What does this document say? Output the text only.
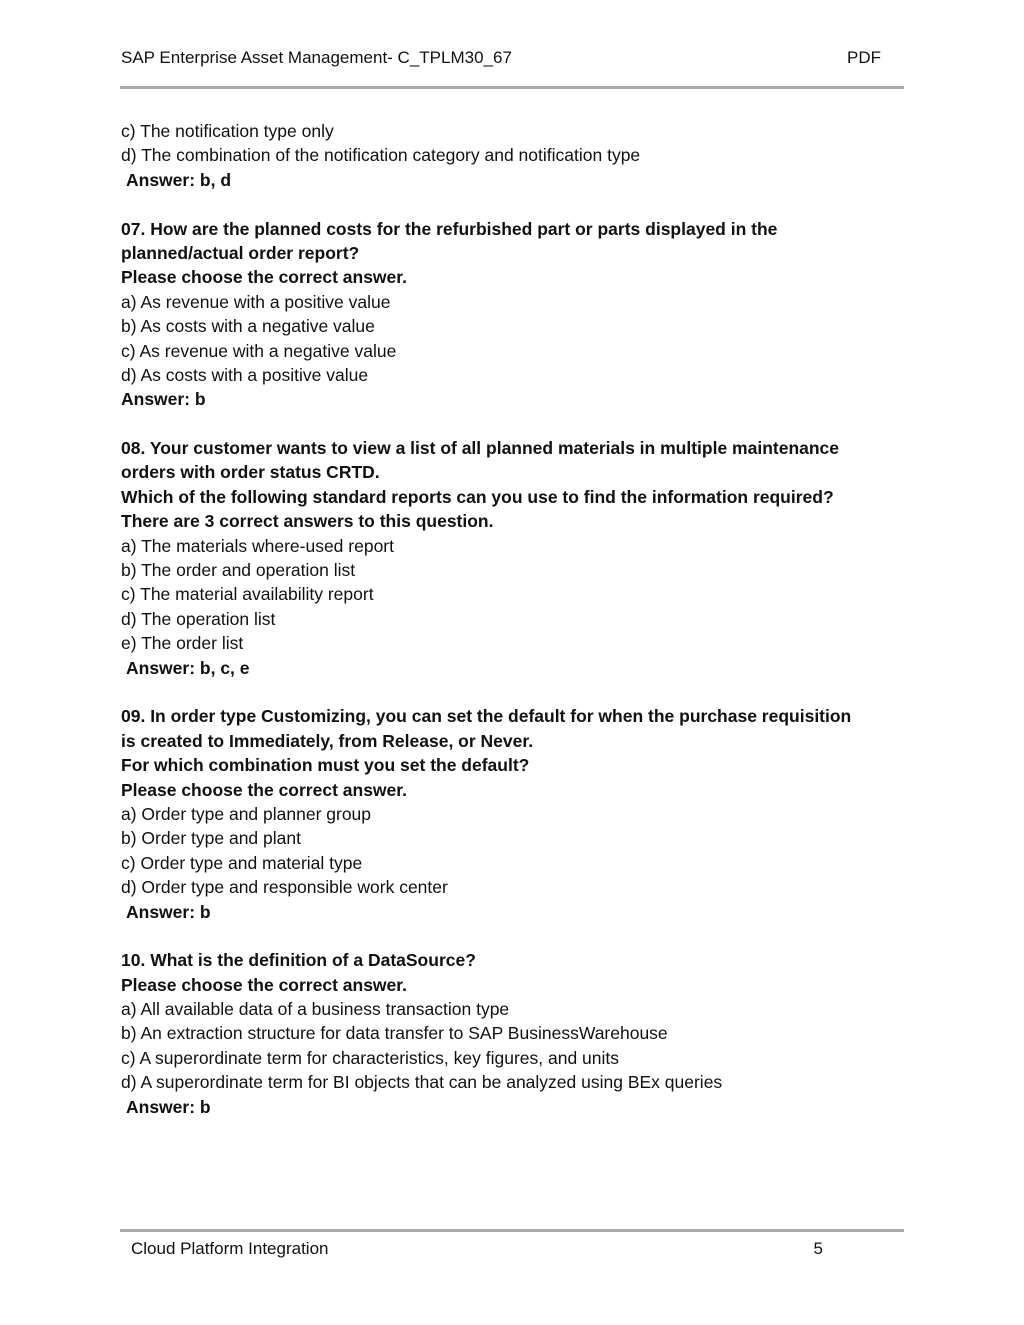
SAP Enterprise Asset Management- C_TPLM30_67	PDF
c) The notification type only
d) The combination of the notification category and notification type
Answer: b, d
07. How are the planned costs for the refurbished part or parts displayed in the
planned/actual order report?
Please choose the correct answer.
a) As revenue with a positive value
b) As costs with a negative value
c) As revenue with a negative value
d) As costs with a positive value
Answer: b
08. Your customer wants to view a list of all planned materials in multiple maintenance
orders with order status CRTD.
Which of the following standard reports can you use to find the information required?
There are 3 correct answers to this question.
a) The materials where-used report
b) The order and operation list
c) The material availability report
d) The operation list
e) The order list
Answer: b, c, e
09. In order type Customizing, you can set the default for when the purchase requisition
is created to Immediately, from Release, or Never.
For which combination must you set the default?
Please choose the correct answer.
a) Order type and planner group
b) Order type and plant
c) Order type and material type
d) Order type and responsible work center
Answer: b
10. What is the definition of a DataSource?
Please choose the correct answer.
a) All available data of a business transaction type
b) An extraction structure for data transfer to SAP BusinessWarehouse
c) A superordinate term for characteristics, key figures, and units
d) A superordinate term for BI objects that can be analyzed using BEx queries
Answer: b
Cloud Platform Integration	5
